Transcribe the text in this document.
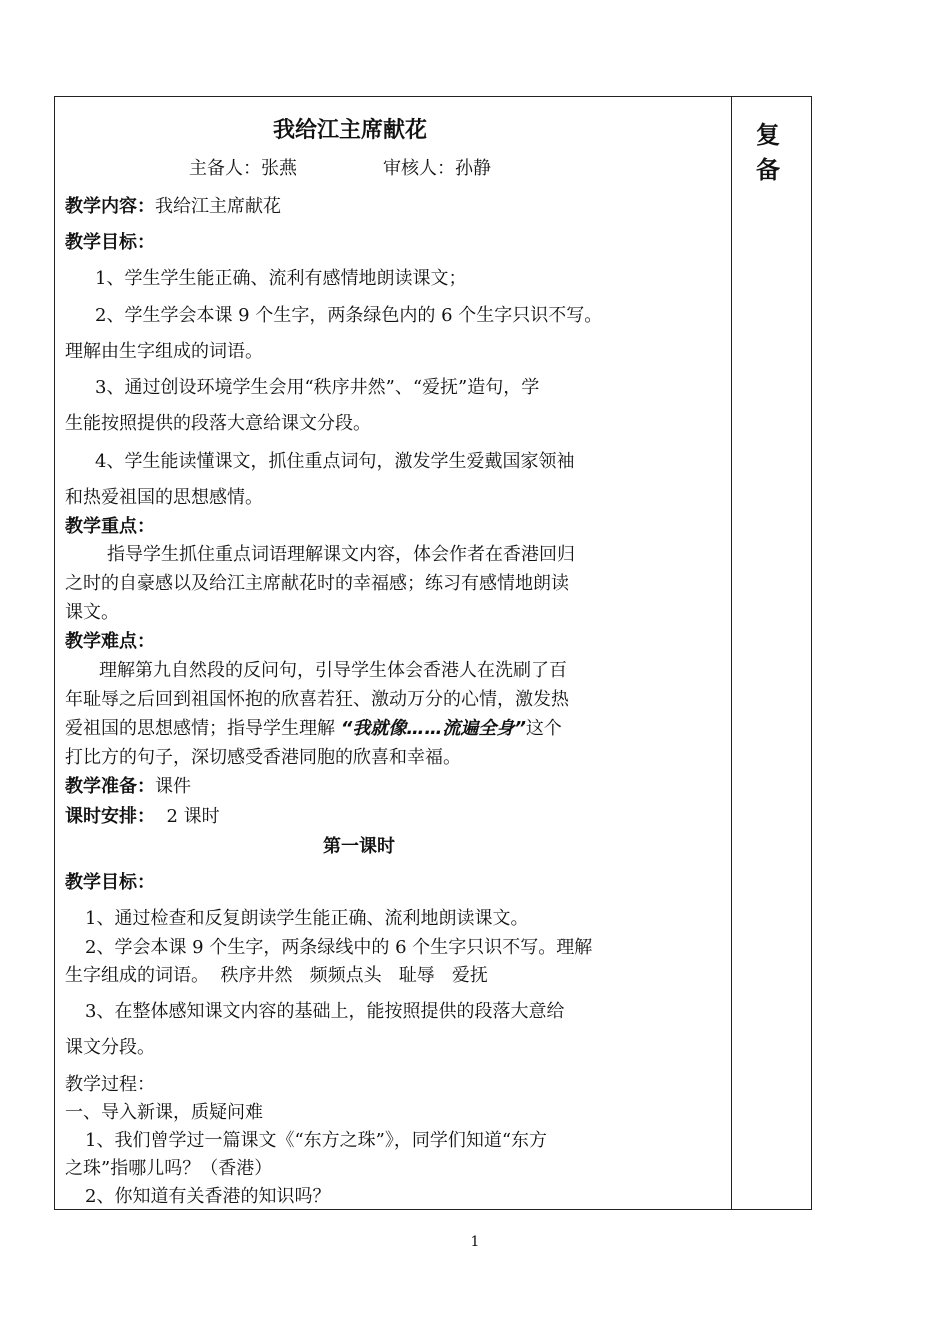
复 备
我给江主席献花
主备人：张燕	审核人：孙静
教学内容：我给江主席献花
教学目标：
1、学生学生能正确、流利有感情地朗读课文；
2、学生学会本课 9 个生字，两条绿色内的 6 个生字只识不写。
理解由生字组成的词语。
3、通过创设环境学生会用“秩序井然”、“爱抚”造句，学
生能按照提供的段落大意给课文分段。
4、学生能读懂课文，抓住重点词句，激发学生爱戴国家领袖
和热爱祖国的思想感情。
教学重点：
指导学生抓住重点词语理解课文内容，体会作者在香港回归
之时的自豪感以及给江主席献花时的幸福感；练习有感情地朗读
课文。
教学难点：
理解第九自然段的反问句，引导学生体会香港人在洗刷了百
年耻辱之后回到祖国怀抱的欣喜若狂、激动万分的心情，激发热
爱祖国的思想感情；指导学生理解 “我就像……流遍全身”这个
打比方的句子，深切感受香港同胞的欣喜和幸福。
教学准备：课件
课时安排：  2 课时
第一课时
教学目标：
1、通过检查和反复朗读学生能正确、流利地朗读课文。
2、学会本课 9 个生字，两条绿线中的 6 个生字只识不写。理解
生字组成的词语。  秩序井然   频频点头   耻辱   爱抚
3、在整体感知课文内容的基础上，能按照提供的段落大意给
课文分段。
教学过程：
一、导入新课，质疑问难
1、我们曾学过一篇课文《“东方之珠”》，同学们知道“东方
之珠”指哪儿吗？（香港）
2、你知道有关香港的知识吗？
1
